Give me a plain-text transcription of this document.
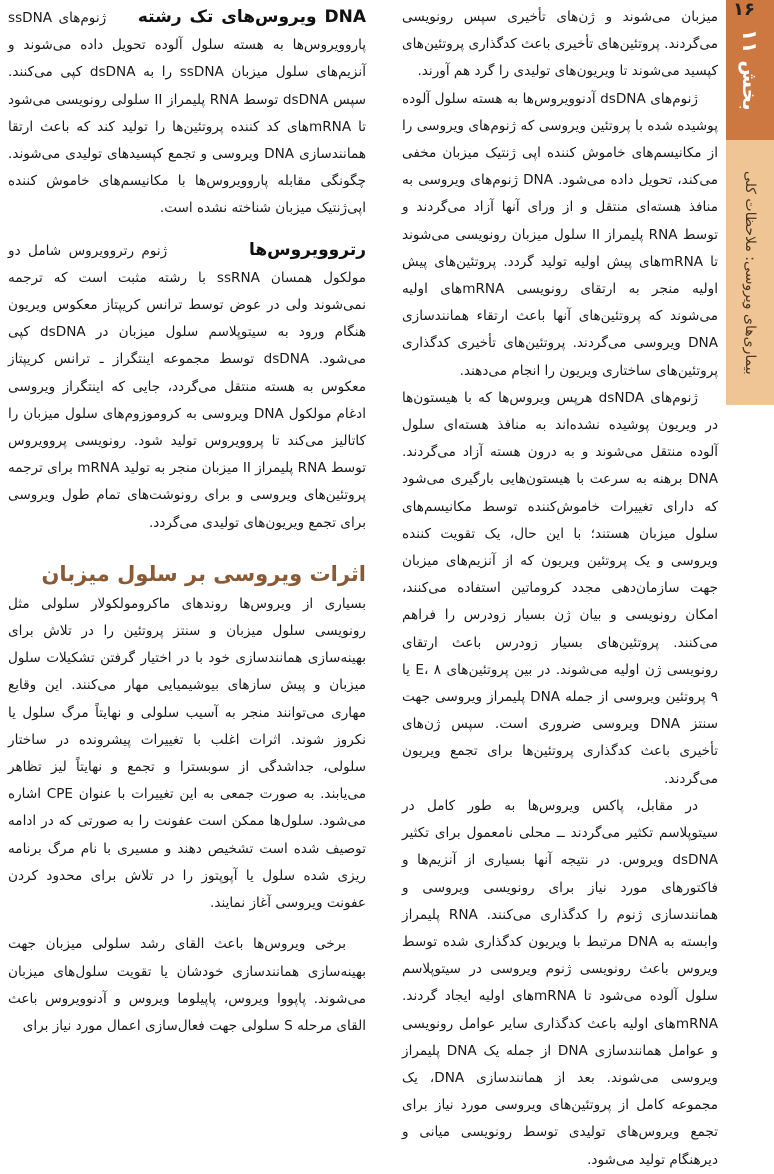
۱۶
بخش ۱۱
بیماری‌های ویروسی: ملاحظات کلی

میزبان می‌شوند و ژن‌های تأخیری سپس رونویسی می‌گردند. پروتئین‌های تأخیری باعث کدگذاری پروتئین‌های کپسید می‌شوند تا ویریون‌های تولیدی را گرد هم آورند.

ژنوم‌های dsDNA آدنوویروس‌ها به هسته سلول آلوده پوشیده شده با پروتئین ویروسی که ژنوم‌های ویروسی را از مکانیسم‌های خاموش کننده اپی ژنتیک میزبان مخفی می‌کند، تحویل داده می‌شود. DNA ژنوم‌های ویروسی به منافذ هسته‌ای منتقل و از ورای آنها آزاد می‌گردند و توسط RNA پلیمراز II سلول میزبان رونویسی می‌شوند تا mRNAهای پیش اولیه تولید گردد. پروتئین‌های پیش اولیه منجر به ارتقای رونویسی mRNAهای اولیه می‌شوند که پروتئین‌های آنها باعث ارتقاء همانندسازی DNA ویروسی می‌گردند. پروتئین‌های تأخیری کدگذاری پروتئین‌های ساختاری ویریون را انجام می‌دهند.

ژنوم‌های dsNDA هرپس ویروس‌ها که با هیستون‌ها در ویریون پوشیده نشده‌اند به منافذ هسته‌ای سلول آلوده منتقل می‌شوند و به درون هسته آزاد می‌گردند. DNA برهنه به سرعت با هیستون‌هایی بارگیری می‌شود که دارای تغییرات خاموش‌کننده توسط مکانیسم‌های سلول میزبان هستند؛ با این حال، یک تقویت کننده ویروسی و یک پروتئین ویریون که از آنزیم‌های میزبان جهت سازمان‌دهی مجدد کروماتین استفاده می‌کنند، امکان رونویسی و بیان ژن بسیار زودرس را فراهم می‌کنند. پروتئین‌های بسیار زودرس باعث ارتقای رونویسی ژن اولیه می‌شوند. در بین پروتئین‌های E، ۸ یا ۹ پروتئین ویروسی از جمله DNA پلیمراز ویروسی جهت سنتز DNA ویروسی ضروری است. سپس ژن‌های تأخیری باعث کدگذاری پروتئین‌ها برای تجمع ویریون می‌گردند.

در مقابل، پاکس ویروس‌ها به طور کامل در سیتوپلاسم تکثیر می‌گردند ــ محلی نامعمول برای تکثیر dsDNA ویروس. در نتیجه آنها بسیاری از آنزیم‌ها و فاکتورهای مورد نیاز برای رونویسی ویروسی و همانندسازی ژنوم را کدگذاری می‌کنند. RNA پلیمراز وابسته به DNA مرتبط با ویریون کدگذاری شده توسط ویروس باعث رونویسی ژنوم ویروسی در سیتوپلاسم سلول آلوده می‌شود تا mRNAهای اولیه ایجاد گردند. mRNAهای اولیه باعث کدگذاری سایر عوامل رونویسی و عوامل همانندسازی DNA از جمله یک DNA پلیمراز ویروسی می‌شوند. بعد از همانندسازی DNA، یک مجموعه کامل از پروتئین‌های ویروسی مورد نیاز برای تجمع ویروس‌های تولیدی توسط رونویسی میانی و دیرهنگام تولید می‌شود.

DNA ویروس‌های تک رشته     ژنوم‌های ssDNA پاروویروس‌ها به هسته سلول آلوده تحویل داده می‌شوند و آنزیم‌های سلول میزبان ssDNA را به dsDNA کپی می‌کنند. سپس dsDNA توسط RNA پلیمراز II سلولی رونویسی می‌شود تا mRNAهای کد کننده پروتئین‌ها را تولید کند که باعث ارتقا همانندسازی DNA ویروسی و تجمع کپسیدهای تولیدی می‌شوند. چگونگی مقابله پاروویروس‌ها با مکانیسم‌های خاموش کننده اپی‌ژنتیک میزبان شناخته نشده است.

رتروویروس‌ها           ژنوم رتروویروس شامل دو مولکول همسان ssRNA با رشته مثبت است که ترجمه نمی‌شوند ولی در عوض توسط ترانس کریپتاز معکوس ویریون هنگام ورود به سیتوپلاسم سلول میزبان در dsDNA کپی می‌شود. dsDNA توسط مجموعه اینتگراز ـ ترانس کریپتاز معکوس به هسته منتقل می‌گردد، جایی که اینتگراز ویروسی ادغام مولکول DNA ویروسی به کروموزوم‌های سلول میزبان را کاتالیز می‌کند تا پروویروس تولید شود. رونویسی پروویروس توسط RNA پلیمراز II میزبان منجر به تولید mRNA برای ترجمه پروتئین‌های ویروسی و برای رونوشت‌های تمام طول ویروسی برای تجمع ویریون‌های تولیدی می‌گردد.

اثرات ویروسی بر سلول میزبان

بسیاری از ویروس‌ها روندهای ماکرومولکولار سلولی مثل رونویسی سلول میزبان و سنتز پروتئین را در تلاش برای بهینه‌سازی همانندسازی خود با در اختیار گرفتن تشکیلات سلول میزبان و پیش سازهای بیوشیمیایی مهار می‌کنند. این وقایع مهاری می‌توانند منجر به آسیب سلولی و نهایتاً مرگ سلول یا نکروز شوند. اثرات اغلب با تغییرات پیشرونده در ساختار سلولی، جداشدگی از سوبسترا و تجمع و نهایتاً لیز تظاهر می‌یابند. به صورت جمعی به این تغییرات با عنوان CPE اشاره می‌شود. سلول‌ها ممکن است عفونت را به صورتی که در ادامه توصیف شده است تشخیص دهند و مسیری با نام مرگ برنامه ریزی شده سلول یا آپوپتوز را در تلاش برای محدود کردن عفونت ویروسی آغاز نمایند.

برخی ویروس‌ها باعث القای رشد سلولی میزبان جهت بهینه‌سازی همانندسازی خودشان یا تقویت سلول‌های میزبان می‌شوند. پاپووا ویروس، پاپیلوما ویروس و آدنوویروس باعث القای مرحله S سلولی جهت فعال‌سازی اعمال مورد نیاز برای
